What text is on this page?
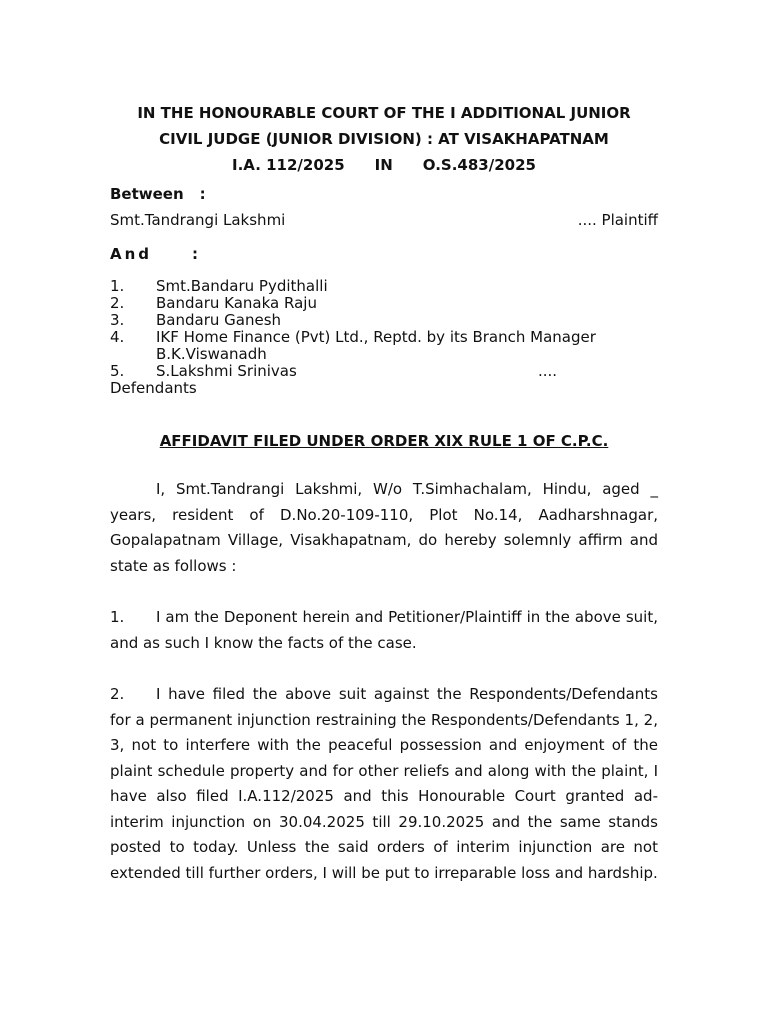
IN THE HONOURABLE COURT OF THE I ADDITIONAL JUNIOR

CIVIL JUDGE (JUNIOR DIVISION) : AT VISAKHAPATNAM

I.A. 112/2025 IN O.S.483/2025

Between :
Smt.Tandrangi Lakshmi	.... Plaintiff
And	:
1.	Smt.Bandaru Pydithalli
2.	Bandaru Kanaka Raju
3.	Bandaru Ganesh
4.	IKF Home Finance (Pvt) Ltd., Reptd. by its Branch Manager
B.K.Viswanadh
5.	S.Lakshmi Srinivas	....
Defendants
AFFIDAVIT FILED UNDER ORDER XIX RULE 1 OF C.P.C.
I, Smt.Tandrangi Lakshmi, W/o T.Simhachalam, Hindu, aged _ years, resident of D.No.20-109-110, Plot No.14, Aadharshnagar, Gopalapatnam Village, Visakhapatnam, do hereby solemnly affirm and state as follows :
1. I am the Deponent herein and Petitioner/Plaintiff in the above suit, and as such I know the facts of the case.
2. I have filed the above suit against the Respondents/Defendants for a permanent injunction restraining the Respondents/Defendants 1, 2, 3, not to interfere with the peaceful possession and enjoyment of the plaint schedule property and for other reliefs and along with the plaint, I have also filed I.A.112/2025 and this Honourable Court granted ad-interim injunction on 30.04.2025 till 29.10.2025 and the same stands posted to today. Unless the said orders of interim injunction are not extended till further orders, I will be put to irreparable loss and hardship.
